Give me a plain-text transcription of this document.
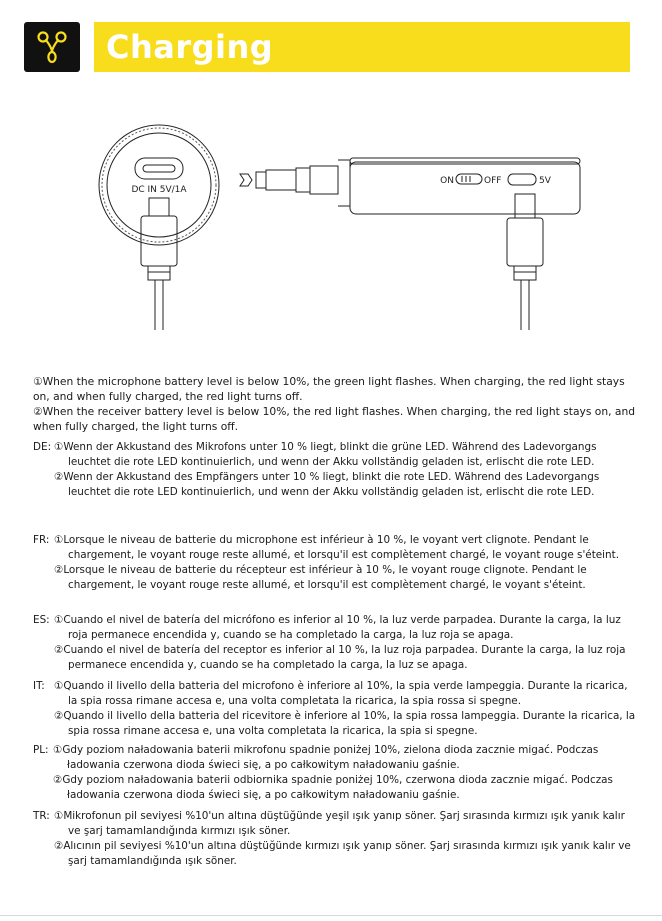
Charging
DC IN 5V/1A
ON	OFF	5V

①When the microphone battery level is below 10%, the green light flashes. When charging, the red light stays on, and when fully charged, the red light turns off.

②When the receiver battery level is below 10%, the red light flashes. When charging, the red light stays on, and when fully charged, the light turns off.

DE: ①Wenn der Akkustand des Mikrofons unter 10 % liegt, blinkt die grüne LED. Während des Ladevorgangs leuchtet die rote LED kontinuierlich, und wenn der Akku vollständig geladen ist, erlischt die rote LED.

②Wenn der Akkustand des Empfängers unter 10 % liegt, blinkt die rote LED. Während des Ladevorgangs leuchtet die rote LED kontinuierlich, und wenn der Akku vollständig geladen ist, erlischt die rote LED.

FR: ①Lorsque le niveau de batterie du microphone est inférieur à 10 %, le voyant vert clignote. Pendant le chargement, le voyant rouge reste allumé, et lorsqu'il est complètement chargé, le voyant rouge s'éteint.

②Lorsque le niveau de batterie du récepteur est inférieur à 10 %, le voyant rouge clignote. Pendant le chargement, le voyant rouge reste allumé, et lorsqu'il est complètement chargé, le voyant s'éteint.

ES: ①Cuando el nivel de batería del micrófono es inferior al 10 %, la luz verde parpadea. Durante la carga, la luz roja permanece encendida y, cuando se ha completado la carga, la luz roja se apaga.

②Cuando el nivel de batería del receptor es inferior al 10 %, la luz roja parpadea. Durante la carga, la luz roja permanece encendida y, cuando se ha completado la carga, la luz se apaga.

IT: ①Quando il livello della batteria del microfono è inferiore al 10%, la spia verde lampeggia. Durante la ricarica, la spia rossa rimane accesa e, una volta completata la ricarica, la spia rossa si spegne.

②Quando il livello della batteria del ricevitore è inferiore al 10%, la spia rossa lampeggia. Durante la ricarica, la spia rossa rimane accesa e, una volta completata la ricarica, la spia si spegne.

PL: ①Gdy poziom naładowania baterii mikrofonu spadnie poniżej 10%, zielona dioda zacznie migać. Podczas ładowania czerwona dioda świeci się, a po całkowitym naładowaniu gaśnie.

②Gdy poziom naładowania baterii odbiornika spadnie poniżej 10%, czerwona dioda zacznie migać. Podczas ładowania czerwona dioda świeci się, a po całkowitym naładowaniu gaśnie.

TR: ①Mikrofonun pil seviyesi %10'un altına düştüğünde yeşil ışık yanıp söner. Şarj sırasında kırmızı ışık yanık kalır ve şarj tamamlandığında kırmızı ışık söner.

②Alıcının pil seviyesi %10'un altına düştüğünde kırmızı ışık yanıp söner. Şarj sırasında kırmızı ışık yanık kalır ve şarj tamamlandığında ışık söner.
